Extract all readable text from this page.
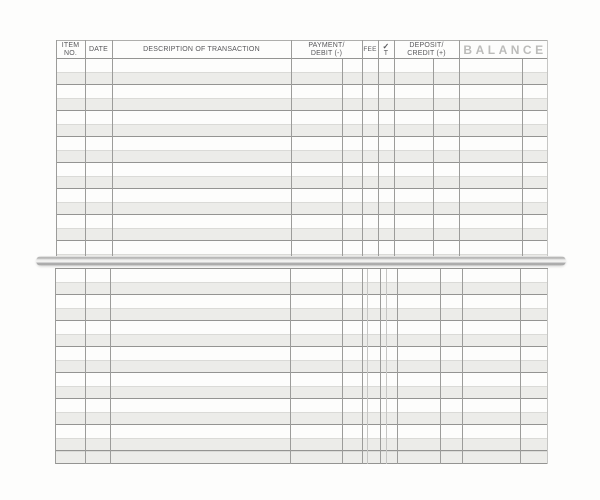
ITEM
NO.
DATE	DESCRIPTION OF TRANSACTION
PAYMENT/
DEBIT (-)
FEE ✓
T
DEPOSIT/
CREDIT (+) BALANCE
